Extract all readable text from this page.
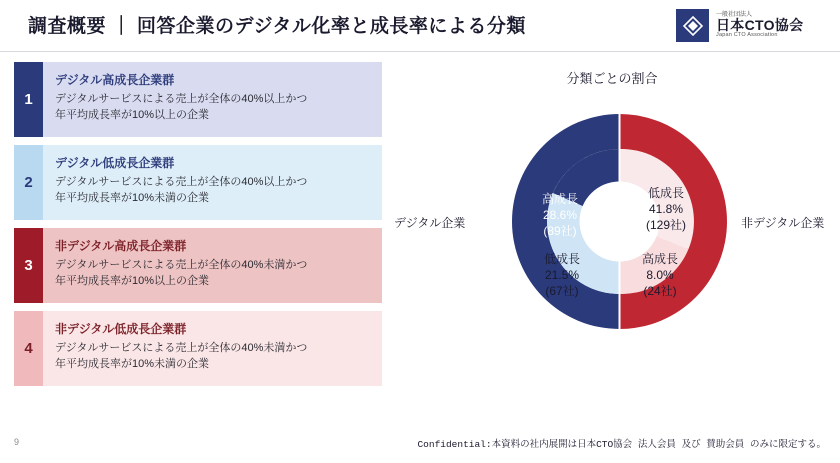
調査概要 ｜ 回答企業のデジタル化率と成長率による分類
一般社団法人
日本CTO協会
Japan CTO Association
1
デジタル高成長企業群
デジタルサービスによる売上が全体の40%以上かつ
年平均成長率が10%以上の企業
2
デジタル低成長企業群
デジタルサービスによる売上が全体の40%以上かつ
年平均成長率が10%未満の企業
3
非デジタル高成長企業群
デジタルサービスによる売上が全体の40%未満かつ
年平均成長率が10%以上の企業
4
非デジタル低成長企業群
デジタルサービスによる売上が全体の40%未満かつ
年平均成長率が10%未満の企業
分類ごとの割合
デジタル企業	非デジタル企業
高成長
28.6%
(89社)
低成長
21.5%
(67社)
高成長
8.0%
(24社)
低成長
41.8%
(129社)
9	Confidential:本資料の社内展開は日本CTO協会 法人会員 及び 賛助会員 のみに限定する。
